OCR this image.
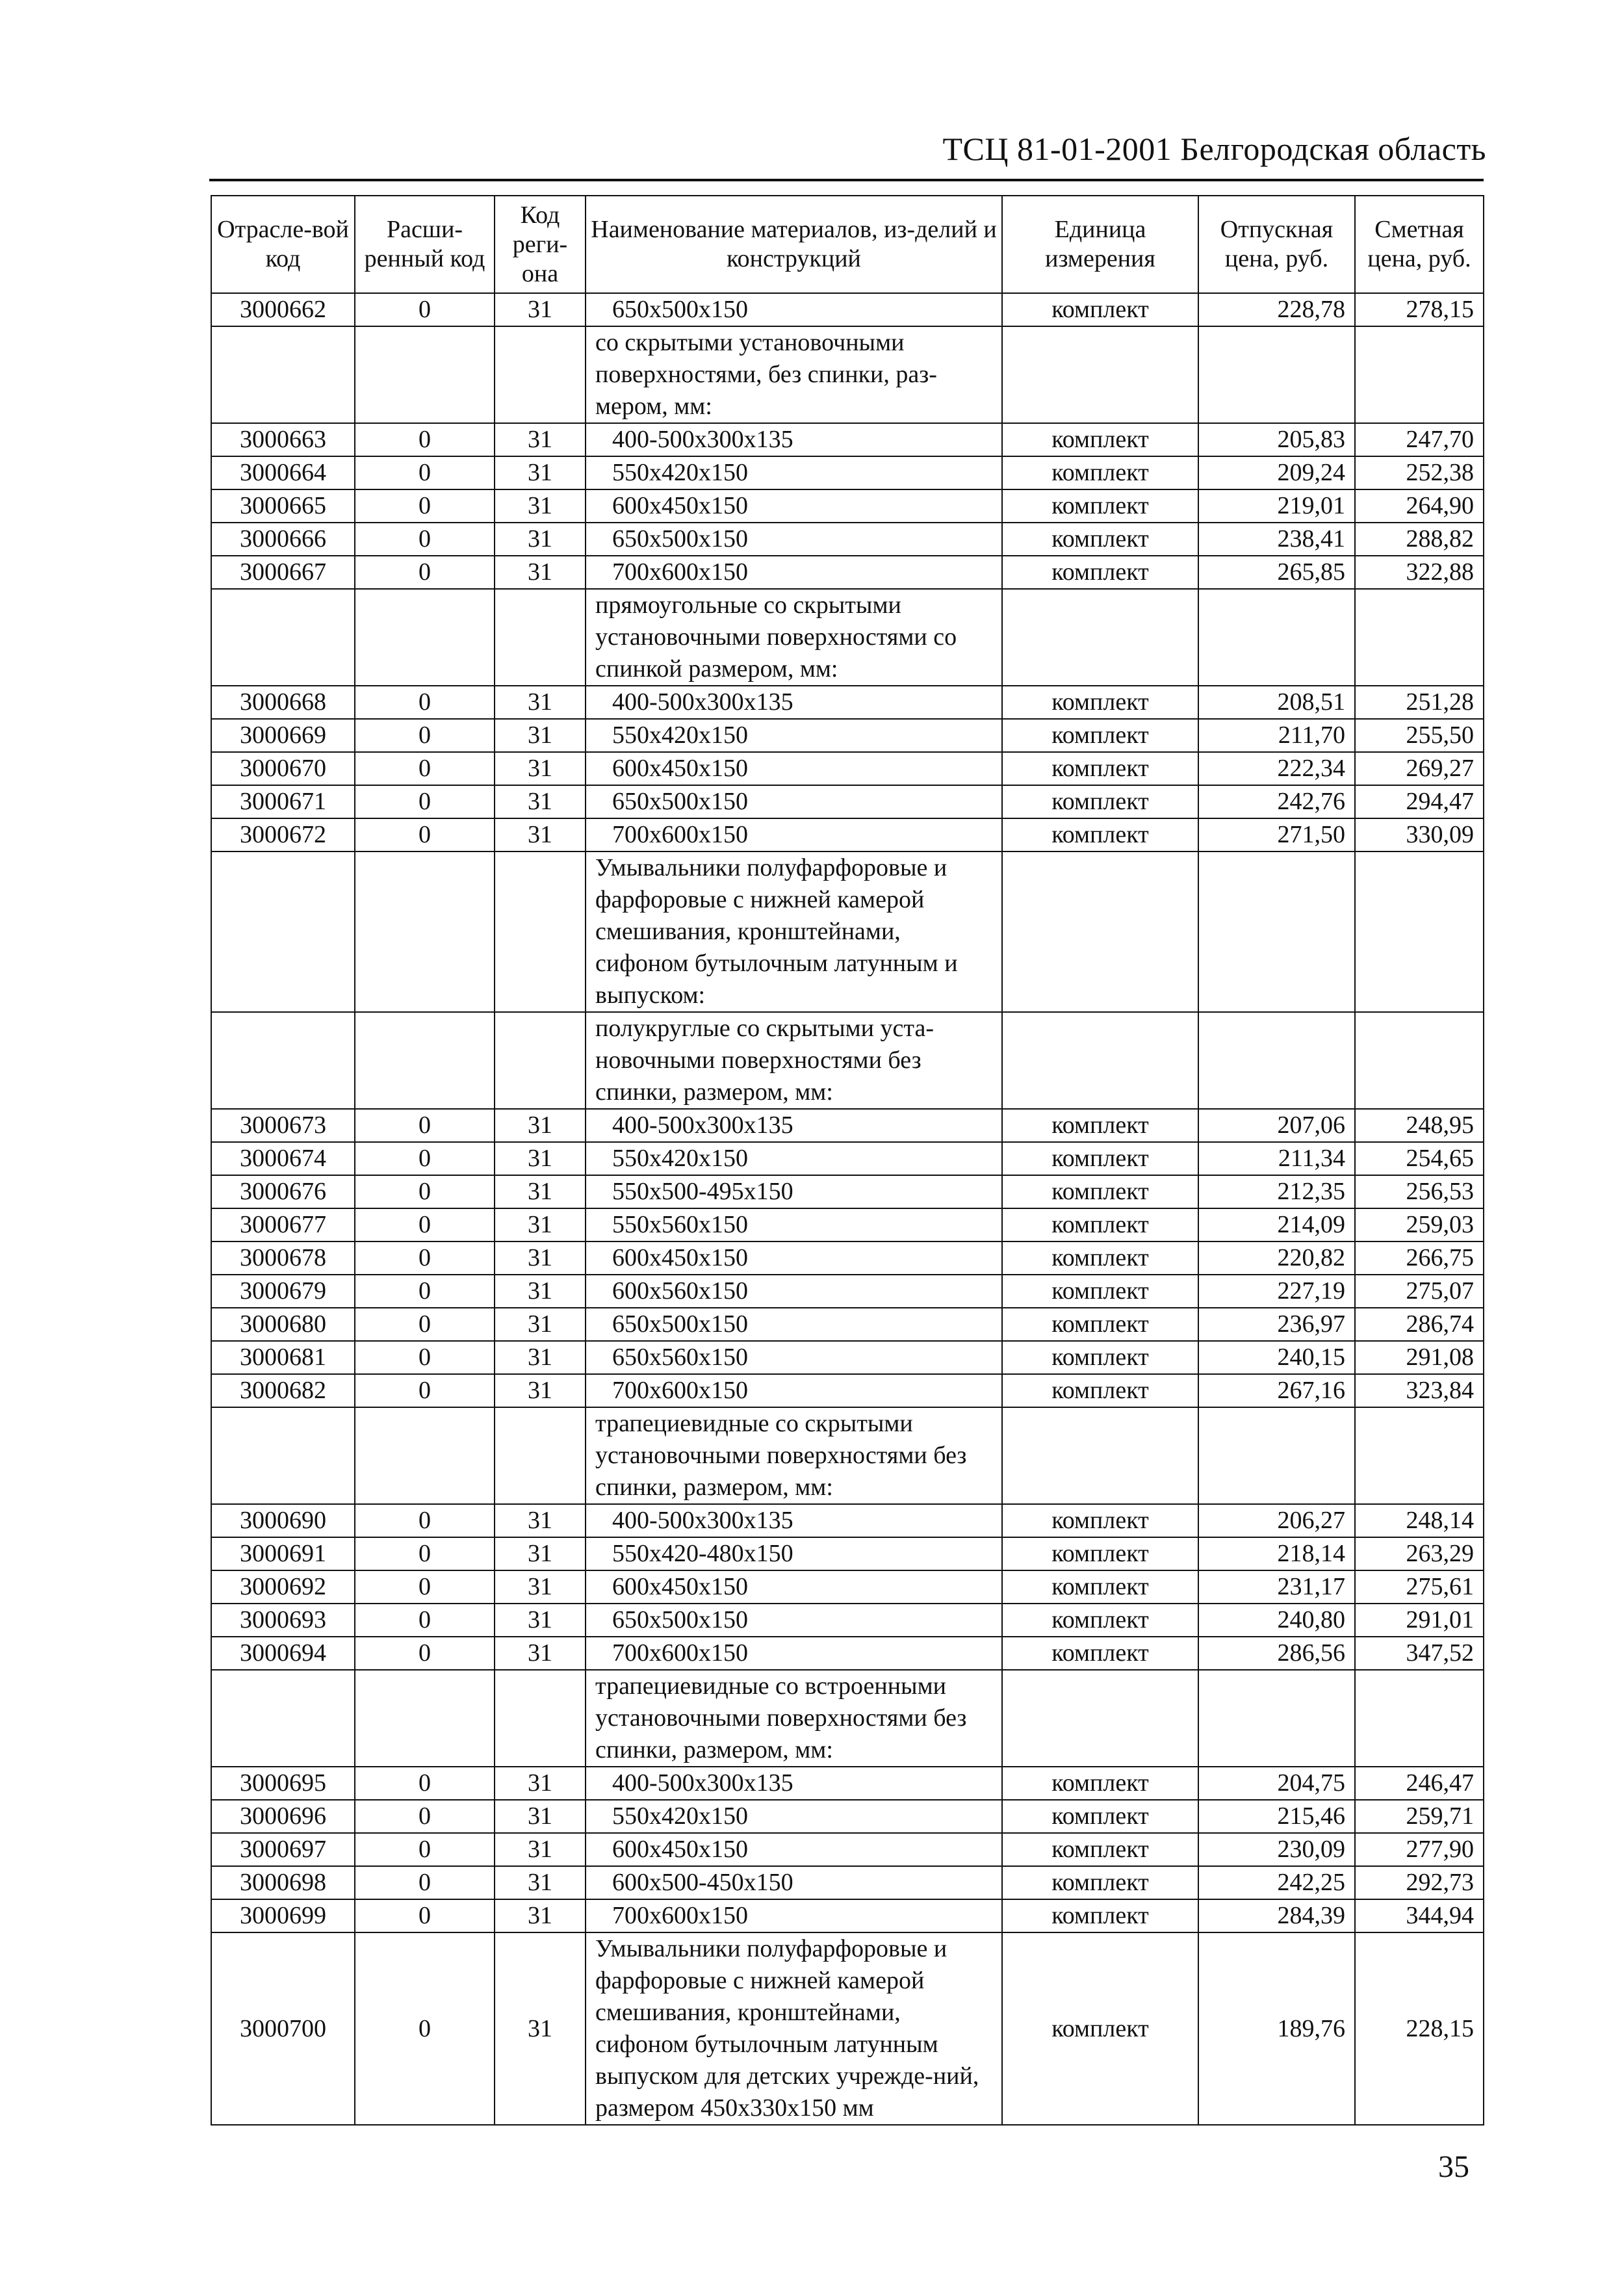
ТСЦ 81-01-2001 Белгородская область
Отрасле-вой код	Расши-ренный код	Код реги-она	Наименование материалов, из-делий и конструкций	Единица измерения	Отпускная цена, руб.	Сметная цена, руб.
3000662	0	31	650х500х150	комплект	228,78	278,15
			со скрытыми установочными поверхностями, без спинки, раз-мером, мм:			
3000663	0	31	400-500х300х135	комплект	205,83	247,70
3000664	0	31	550х420х150	комплект	209,24	252,38
3000665	0	31	600х450х150	комплект	219,01	264,90
3000666	0	31	650х500х150	комплект	238,41	288,82
3000667	0	31	700х600х150	комплект	265,85	322,88
			прямоугольные со скрытыми установочными поверхностями со спинкой размером, мм:			
3000668	0	31	400-500х300х135	комплект	208,51	251,28
3000669	0	31	550х420х150	комплект	211,70	255,50
3000670	0	31	600х450х150	комплект	222,34	269,27
3000671	0	31	650х500х150	комплект	242,76	294,47
3000672	0	31	700х600х150	комплект	271,50	330,09
			Умывальники полуфарфоровые и фарфоровые с нижней камерой смешивания, кронштейнами, сифоном бутылочным латунным и выпуском:			
			полукруглые со скрытыми уста-новочными поверхностями без спинки, размером, мм:			
3000673	0	31	400-500х300х135	комплект	207,06	248,95
3000674	0	31	550х420х150	комплект	211,34	254,65
3000676	0	31	550х500-495х150	комплект	212,35	256,53
3000677	0	31	550х560х150	комплект	214,09	259,03
3000678	0	31	600х450х150	комплект	220,82	266,75
3000679	0	31	600х560х150	комплект	227,19	275,07
3000680	0	31	650х500х150	комплект	236,97	286,74
3000681	0	31	650х560х150	комплект	240,15	291,08
3000682	0	31	700х600х150	комплект	267,16	323,84
			трапециевидные со скрытыми установочными поверхностями без спинки, размером, мм:			
3000690	0	31	400-500х300х135	комплект	206,27	248,14
3000691	0	31	550х420-480х150	комплект	218,14	263,29
3000692	0	31	600х450х150	комплект	231,17	275,61
3000693	0	31	650х500х150	комплект	240,80	291,01
3000694	0	31	700х600х150	комплект	286,56	347,52
			трапециевидные со встроенными установочными поверхностями без спинки, размером, мм:			
3000695	0	31	400-500х300х135	комплект	204,75	246,47
3000696	0	31	550х420х150	комплект	215,46	259,71
3000697	0	31	600х450х150	комплект	230,09	277,90
3000698	0	31	600х500-450х150	комплект	242,25	292,73
3000699	0	31	700х600х150	комплект	284,39	344,94
3000700	0	31	Умывальники полуфарфоровые и фарфоровые с нижней камерой смешивания, кронштейнами, сифоном бутылочным латунным выпуском для детских учрежде-ний, размером 450х330х150 мм	комплект	189,76	228,15
35
